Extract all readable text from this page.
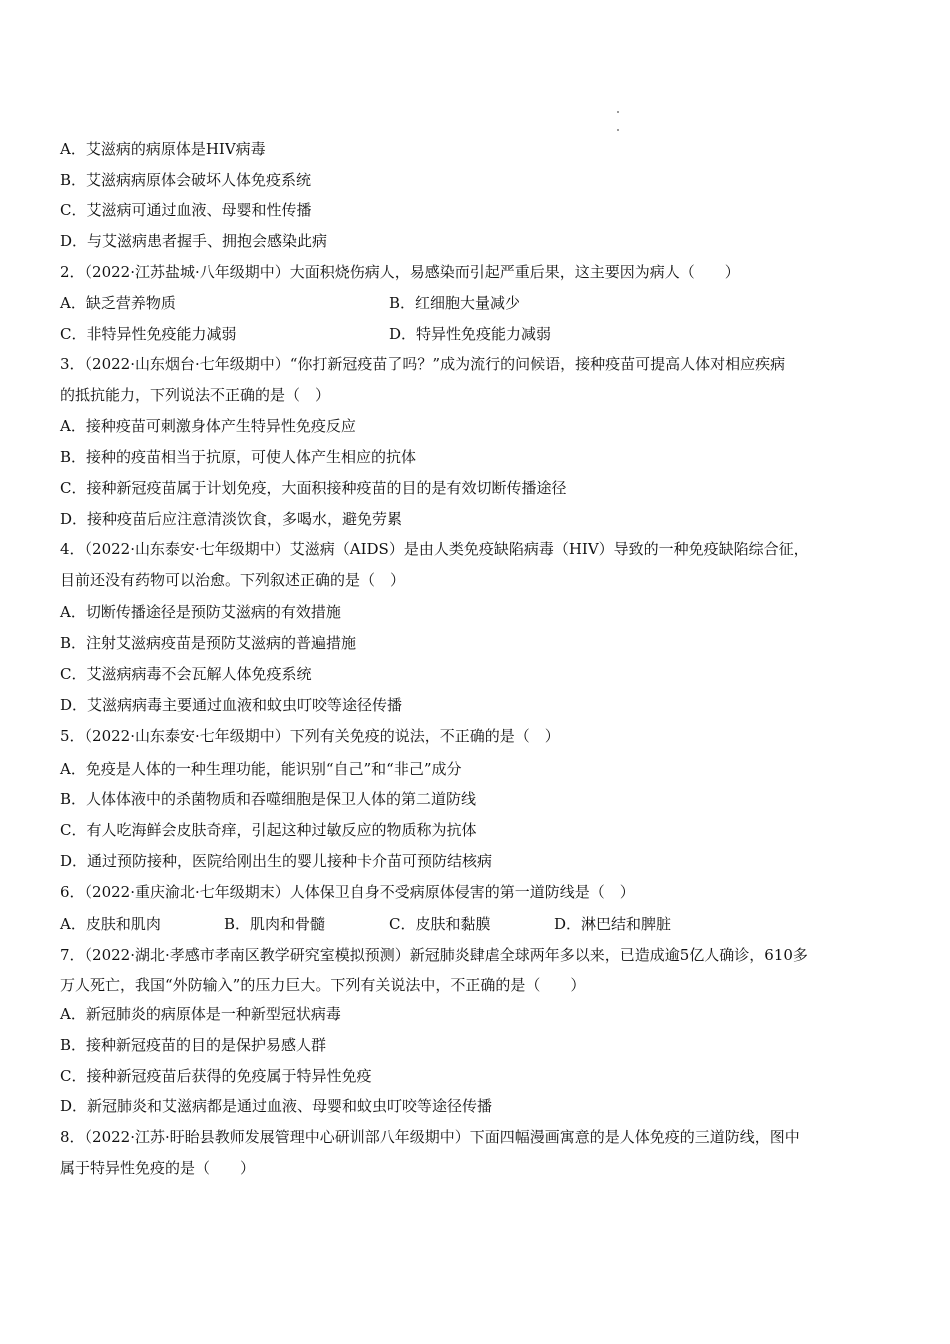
A．艾滋病的病原体是HIV病毒
B．艾滋病病原体会破坏人体免疫系统
C．艾滋病可通过血液、母婴和性传播
D．与艾滋病患者握手、拥抱会感染此病
2．（2022·江苏盐城·八年级期中）大面积烧伤病人，易感染而引起严重后果，这主要因为病人（　　）
A．缺乏营养物质	B．红细胞大量减少
C．非特异性免疫能力减弱	D．特异性免疫能力减弱
3．（2022·山东烟台·七年级期中）“你打新冠疫苗了吗？”成为流行的问候语，接种疫苗可提高人体对相应疾病
的抵抗能力，下列说法不正确的是（　）
A．接种疫苗可刺激身体产生特异性免疫反应
B．接种的疫苗相当于抗原，可使人体产生相应的抗体
C．接种新冠疫苗属于计划免疫，大面积接种疫苗的目的是有效切断传播途径
D．接种疫苗后应注意清淡饮食，多喝水，避免劳累
4．（2022·山东泰安·七年级期中）艾滋病（AIDS）是由人类免疫缺陷病毒（HIV）导致的一种免疫缺陷综合征，
目前还没有药物可以治愈。下列叙述正确的是（　）
A．切断传播途径是预防艾滋病的有效措施
B．注射艾滋病疫苗是预防艾滋病的普遍措施
C．艾滋病病毒不会瓦解人体免疫系统
D．艾滋病病毒主要通过血液和蚊虫叮咬等途径传播
5．（2022·山东泰安·七年级期中）下列有关免疫的说法，不正确的是（　）
A．免疫是人体的一种生理功能，能识别“自己”和“非己”成分
B．人体体液中的杀菌物质和吞噬细胞是保卫人体的第二道防线
C．有人吃海鲜会皮肤奇痒，引起这种过敏反应的物质称为抗体
D．通过预防接种，医院给刚出生的婴儿接种卡介苗可预防结核病
6．（2022·重庆渝北·七年级期末）人体保卫自身不受病原体侵害的第一道防线是（　）
A．皮肤和肌肉	B．肌肉和骨髓	C．皮肤和黏膜	D．淋巴结和脾脏
7．（2022·湖北·孝感市孝南区教学研究室模拟预测）新冠肺炎肆虐全球两年多以来，已造成逾5亿人确诊，610多
万人死亡，我国“外防输入”的压力巨大。下列有关说法中，不正确的是（　　）
A．新冠肺炎的病原体是一种新型冠状病毒
B．接种新冠疫苗的目的是保护易感人群
C．接种新冠疫苗后获得的免疫属于特异性免疫
D．新冠肺炎和艾滋病都是通过血液、母婴和蚊虫叮咬等途径传播
8．（2022·江苏·盱眙县教师发展管理中心研训部八年级期中）下面四幅漫画寓意的是人体免疫的三道防线，图中
属于特异性免疫的是（　　）
